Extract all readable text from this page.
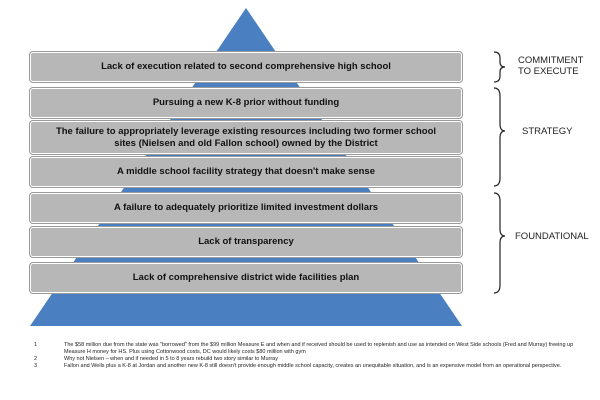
Lack of execution related to second comprehensive high school
Pursuing a new K-8 prior without funding
The failure to appropriately leverage existing resources including two former school sites (Nielsen and old Fallon school) owned by the District
A middle school facility strategy that doesn't make sense
A failure to adequately prioritize limited investment dollars
Lack of transparency
Lack of comprehensive district wide facilities plan
COMMITMENT TO EXECUTE
STRATEGY
FOUNDATIONAL
1	The $58 million due from the state was "borrowed" from the $99 million Measure E and when and if received should be used to replenish and use as intended on West Side schools (Fred and Murray) freeing up Measure H money for HS. Plus using Cottonwood costs, DC would likely costs $80 million with gym
2	Why not Nielsen – when and if needed in 5 to 8 years rebuild two story similar to Murray
3	Fallon and Wells plus a K-8 at Jordan and another new K-8 still doesn't provide enough middle school capacity, creates an unequitable situation, and is an expensive model from an operational perspective.
